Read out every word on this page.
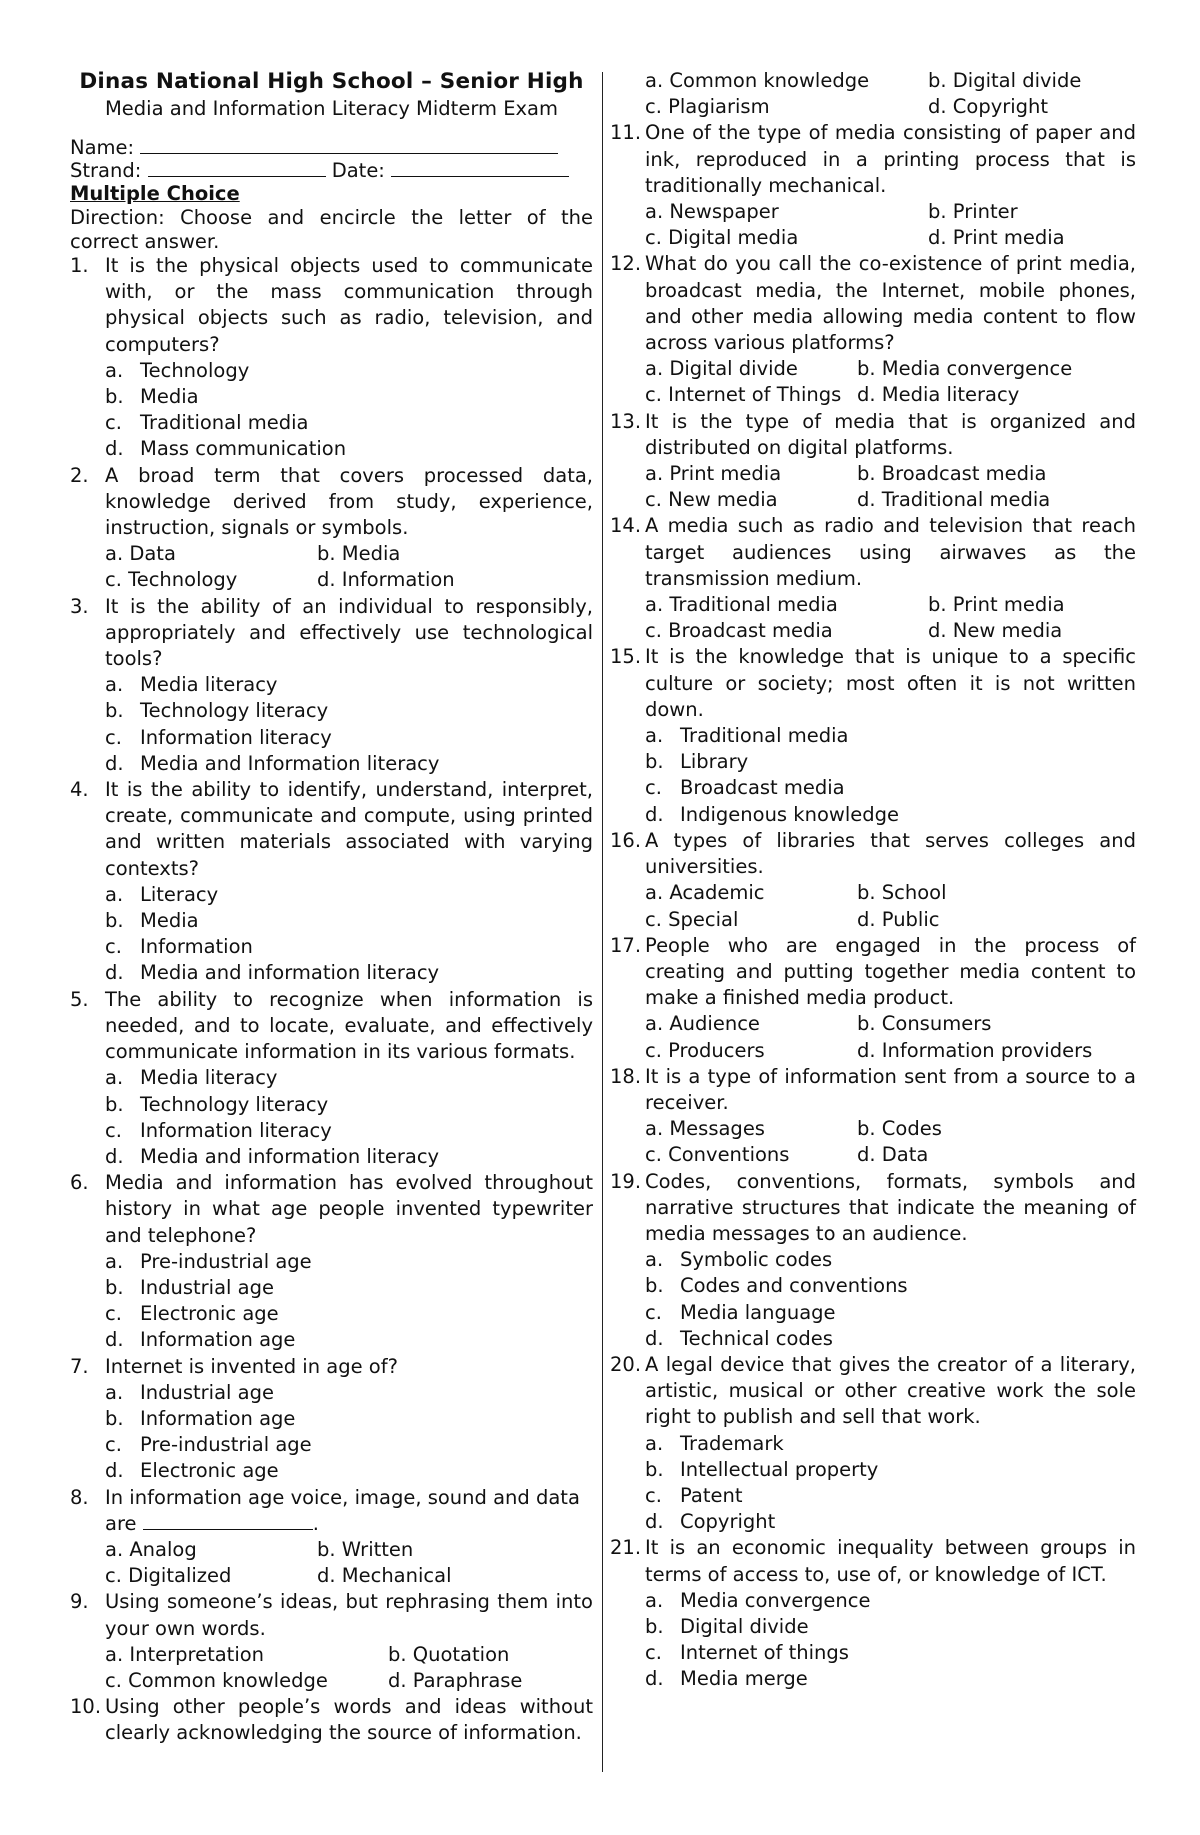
Dinas National High School – Senior High
Media and Information Literacy Midterm Exam
Name:
Strand:	Date:
Multiple Choice
Direction: Choose and encircle the letter of the correct answer.
1. It is the physical objects used to communicate with, or the mass communication through physical objects such as radio, television, and computers?
a. Technology
b. Media
c. Traditional media
d. Mass communication
2. A broad term that covers processed data, knowledge derived from study, experience, instruction, signals or symbols.
a. Data	b. Media
c. Technology	d. Information
3. It is the ability of an individual to responsibly, appropriately and effectively use technological tools?
a. Media literacy
b. Technology literacy
c. Information literacy
d. Media and Information literacy
4. It is the ability to identify, understand, interpret, create, communicate and compute, using printed and written materials associated with varying contexts?
a. Literacy
b. Media
c. Information
d. Media and information literacy
5. The ability to recognize when information is needed, and to locate, evaluate, and effectively communicate information in its various formats.
a. Media literacy
b. Technology literacy
c. Information literacy
d. Media and information literacy
6. Media and information has evolved throughout history in what age people invented typewriter and telephone?
a. Pre-industrial age
b. Industrial age
c. Electronic age
d. Information age
7. Internet is invented in age of?
a. Industrial age
b. Information age
c. Pre-industrial age
d. Electronic age
8. In information age voice, image, sound and data are	.
a. Analog	b. Written
c. Digitalized	d. Mechanical
9. Using someone’s ideas, but rephrasing them into your own words.
a. Interpretation	b. Quotation
c. Common knowledge	d. Paraphrase
10. Using other people’s words and ideas without clearly acknowledging the source of information.
a. Common knowledge	b. Digital divide
c. Plagiarism	d. Copyright
11. One of the type of media consisting of paper and ink, reproduced in a printing process that is traditionally mechanical.
a. Newspaper	b. Printer
c. Digital media	d. Print media
12. What do you call the co-existence of print media, broadcast media, the Internet, mobile phones, and other media allowing media content to flow across various platforms?
a. Digital divide	b. Media convergence
c. Internet of Things d. Media literacy
13. It is the type of media that is organized and distributed on digital platforms.
a. Print media	b. Broadcast media
c. New media	d. Traditional media
14. A media such as radio and television that reach target audiences using airwaves as the transmission medium.
a. Traditional media	b. Print media
c. Broadcast media	d. New media
15. It is the knowledge that is unique to a specific culture or society; most often it is not written down.
a. Traditional media
b. Library
c. Broadcast media
d. Indigenous knowledge
16. A types of libraries that serves colleges and universities.
a. Academic	b. School
c. Special	d. Public
17. People who are engaged in the process of creating and putting together media content to make a finished media product.
a. Audience	b. Consumers
c. Producers	d. Information providers
18. It is a type of information sent from a source to a receiver.
a. Messages	b. Codes
c. Conventions	d. Data
19. Codes, conventions, formats, symbols and narrative structures that indicate the meaning of media messages to an audience.
a. Symbolic codes
b. Codes and conventions
c. Media language
d. Technical codes
20. A legal device that gives the creator of a literary, artistic, musical or other creative work the sole right to publish and sell that work.
a. Trademark
b. Intellectual property
c. Patent
d. Copyright
21. It is an economic inequality between groups in terms of access to, use of, or knowledge of ICT.
a. Media convergence
b. Digital divide
c. Internet of things
d. Media merge
